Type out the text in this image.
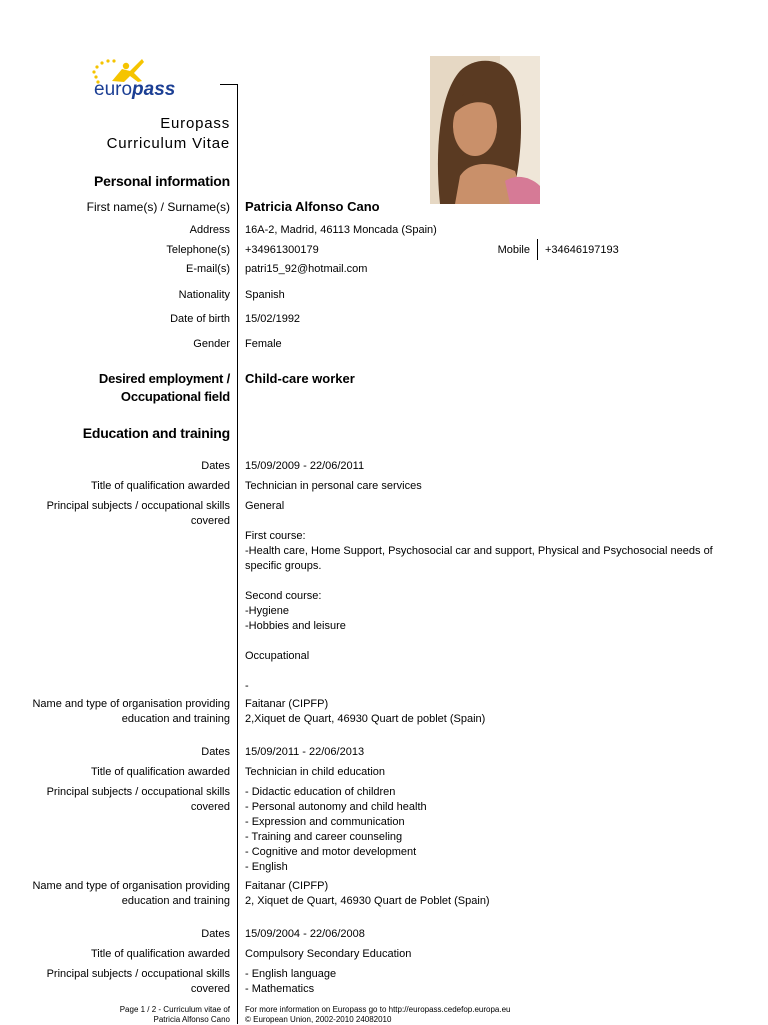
europass
Europass
Curriculum Vitae
Personal information
First name(s) / Surname(s) Patricia Alfonso Cano
Address 16A-2, Madrid, 46113 Moncada (Spain)
Telephone(s) +34961300179	Mobile +34646197193
E-mail(s) patri15_92@hotmail.com
Nationality Spanish
Date of birth 15/02/1992
Gender Female
Desired employment / Occupational field
Child-care worker
Education and training
Dates 15/09/2009 - 22/06/2011
Title of qualification awarded Technician in personal care services
Principal subjects / occupational skills covered
General
First course:
-Health care, Home Support, Psychosocial car and support, Physical and Psychosocial needs of specific groups.
Second course:
-Hygiene
-Hobbies and leisure
Occupational
-
Name and type of organisation providing education and training
Faitanar (CIPFP)
2,Xiquet de Quart, 46930 Quart de poblet (Spain)
Dates 15/09/2011 - 22/06/2013
Title of qualification awarded Technician in child education
Principal subjects / occupational skills covered
- Didactic education of children
- Personal autonomy and child health
- Expression and communication
- Training and career counseling
- Cognitive and motor development
- English
Name and type of organisation providing education and training
Faitanar (CIPFP)
2, Xiquet de Quart, 46930 Quart de Poblet (Spain)
Dates 15/09/2004 - 22/06/2008
Title of qualification awarded Compulsory Secondary Education
Principal subjects / occupational skills covered
- English language
- Mathematics
Page 1 / 2 - Curriculum vitae of
Patricia Alfonso Cano
For more information on Europass go to http://europass.cedefop.europa.eu
© European Union, 2002-2010 24082010
